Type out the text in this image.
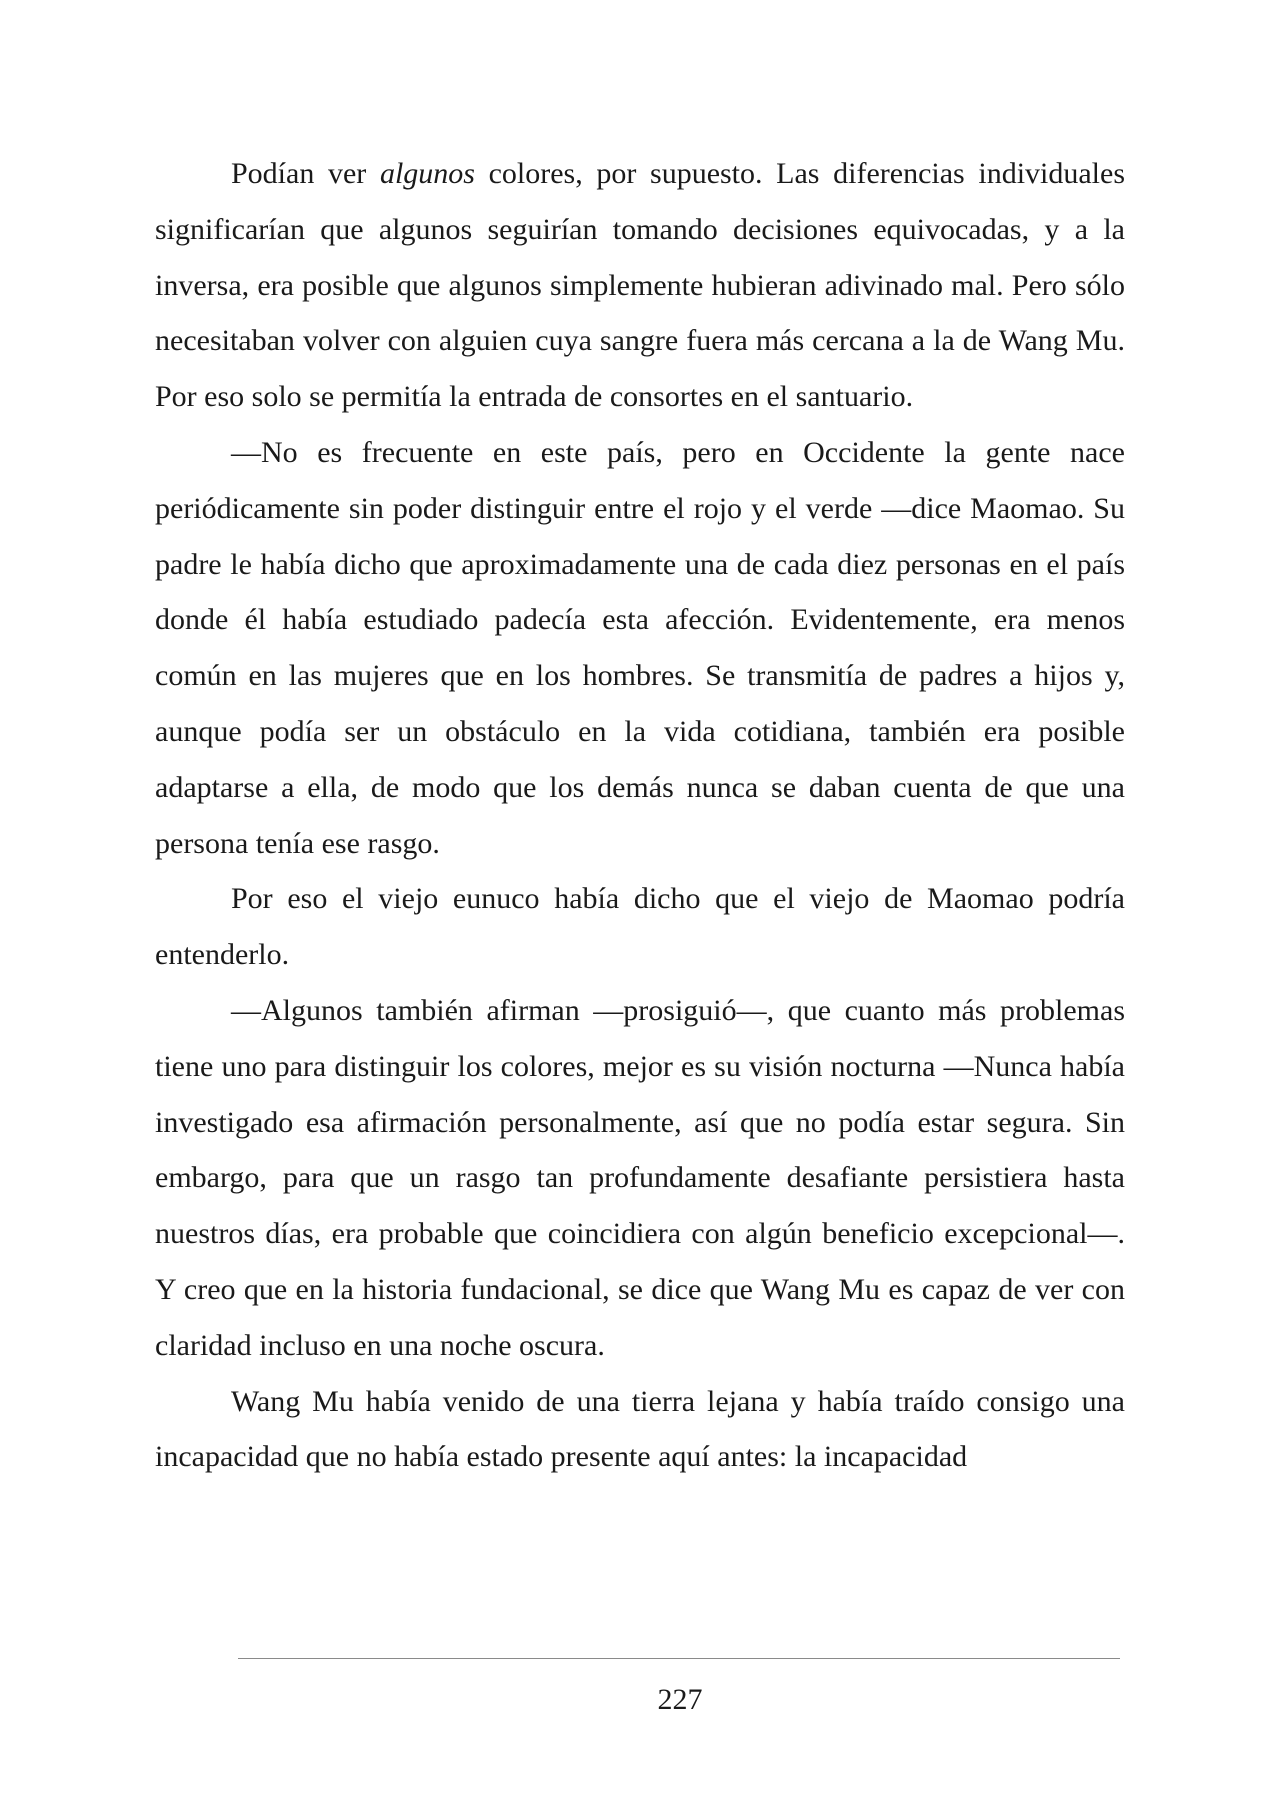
Podían ver algunos colores, por supuesto. Las diferencias individuales significarían que algunos seguirían tomando decisiones equivocadas, y a la inversa, era posible que algunos simplemente hubieran adivinado mal. Pero sólo necesitaban volver con alguien cuya sangre fuera más cercana a la de Wang Mu. Por eso solo se permitía la entrada de consortes en el santuario.

—No es frecuente en este país, pero en Occidente la gente nace periódicamente sin poder distinguir entre el rojo y el verde —dice Maomao. Su padre le había dicho que aproximadamente una de cada diez personas en el país donde él había estudiado padecía esta afección. Evidentemente, era menos común en las mujeres que en los hombres. Se transmitía de padres a hijos y, aunque podía ser un obstáculo en la vida cotidiana, también era posible adaptarse a ella, de modo que los demás nunca se daban cuenta de que una persona tenía ese rasgo.

Por eso el viejo eunuco había dicho que el viejo de Maomao podría entenderlo.

—Algunos también afirman —prosiguió—, que cuanto más problemas tiene uno para distinguir los colores, mejor es su visión nocturna —Nunca había investigado esa afirmación personalmente, así que no podía estar segura. Sin embargo, para que un rasgo tan profundamente desafiante persistiera hasta nuestros días, era probable que coincidiera con algún beneficio excepcional—. Y creo que en la historia fundacional, se dice que Wang Mu es capaz de ver con claridad incluso en una noche oscura.

Wang Mu había venido de una tierra lejana y había traído consigo una incapacidad que no había estado presente aquí antes: la incapacidad

227
